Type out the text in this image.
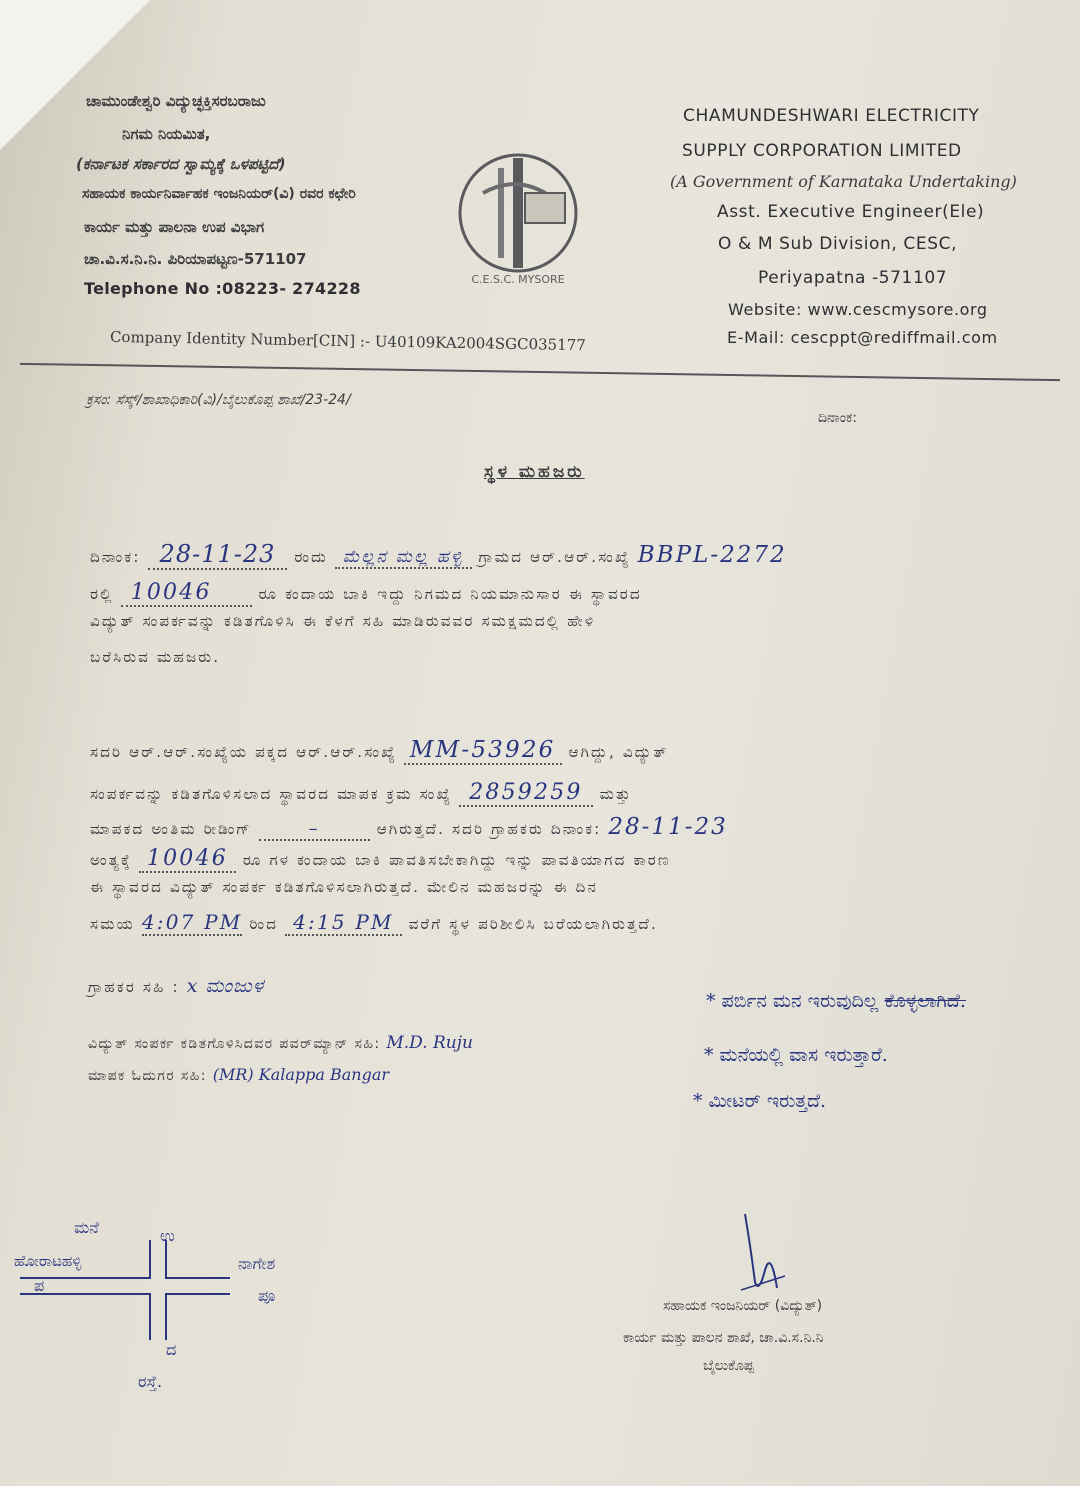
ಚಾಮುಂಡೇಶ್ವರಿ ವಿದ್ಯುಚ್ಛಕ್ತಿಸರಬರಾಜು
ನಿಗಮ ನಿಯಮಿತ,
(ಕರ್ನಾಟಕ ಸರ್ಕಾರದ ಸ್ವಾಮ್ಯಕ್ಕೆ ಒಳಪಟ್ಟಿದೆ)
ಸಹಾಯಕ ಕಾರ್ಯನಿರ್ವಾಹಕ ಇಂಜನಿಯರ್(ವಿ) ರವರ ಕಛೇರಿ
ಕಾರ್ಯ ಮತ್ತು ಪಾಲನಾ ಉಪ ವಿಭಾಗ
ಚಾ.ವಿ.ಸ.ನಿ.ನಿ. ಪಿರಿಯಾಪಟ್ಟಣ-571107
Telephone No :08223- 274228	C.E.S.C. MYSORE
CHAMUNDESHWARI ELECTRICITY
SUPPLY CORPORATION LIMITED
(A Government of Karnataka Undertaking)
Asst. Executive Engineer(Ele)
O & M Sub Division, CESC,
Periyapatna -571107
Website: www.cescmysore.org
E-Mail: cescppt@rediffmail.com
Company Identity Number[CIN] :- U40109KA2004SGC035177
ಕ್ರಸಂ: ಸೆಸ್ಕ್/ಶಾಖಾಧಿಕಾರಿ(ವಿ)/ಬೈಲುಕೊಪ್ಪ ಶಾಖೆ/23-24/
ದಿನಾಂಕ:
ಸ್ಥಳ ಮಹಜರು
ದಿನಾಂಕ: 28-11-23 ರಂದು ಮೆಲ್ಲನ ಮಲ್ಲ ಹಳ್ಳಿ ಗ್ರಾಮದ ಆರ್.ಆರ್.ಸಂಖ್ಯೆ BBPL-2272
ರಲ್ಲಿ 10046	ರೂ ಕಂದಾಯ ಬಾಕಿ ಇದ್ದು ನಿಗಮದ ನಿಯಮಾನುಸಾರ ಈ ಸ್ಥಾವರದ
ವಿದ್ಯುತ್ ಸಂಪರ್ಕವನ್ನು ಕಡಿತಗೊಳಿಸಿ ಈ ಕೆಳಗೆ ಸಹಿ ಮಾಡಿರುವವರ ಸಮಕ್ಷಮದಲ್ಲಿ ಹೇಳಿ
ಬರೆಸಿರುವ ಮಹಜರು.
ಸದರಿ ಆರ್.ಆರ್.ಸಂಖ್ಯೆಯ ಪಕ್ಕದ ಆರ್.ಆರ್.ಸಂಖ್ಯೆ MM-53926 ಆಗಿದ್ದು, ವಿದ್ಯುತ್
ಸಂಪರ್ಕವನ್ನು ಕಡಿತಗೊಳಿಸಲಾದ ಸ್ಥಾವರದ ಮಾಪಕ ಕ್ರಮ ಸಂಖ್ಯೆ 2859259 ಮತ್ತು
ಮಾಪಕದ ಅಂತಿಮ ರೀಡಿಂಗ್	–	ಆಗಿರುತ್ತದೆ. ಸದರಿ ಗ್ರಾಹಕರು ದಿನಾಂಕ: 28-11-23
ಅಂತ್ಯಕ್ಕೆ 10046 ರೂ ಗಳ ಕಂದಾಯ ಬಾಕಿ ಪಾವತಿಸಬೇಕಾಗಿದ್ದು ಇನ್ನು ಪಾವತಿಯಾಗದ ಕಾರಣ
ಈ ಸ್ಥಾವರದ ವಿದ್ಯುತ್ ಸಂಪರ್ಕ ಕಡಿತಗೊಳಿಸಲಾಗಿರುತ್ತದೆ. ಮೇಲಿನ ಮಹಜರನ್ನು ಈ ದಿನ
ಸಮಯ 4:07 PM ರಿಂದ 4:15 PM ವರೆಗೆ ಸ್ಥಳ ಪರಿಶೀಲಿಸಿ ಬರೆಯಲಾಗಿರುತ್ತದೆ.
ಗ್ರಾಹಕರ ಸಹಿ : x ಮಂಜುಳ
ವಿದ್ಯುತ್ ಸಂಪರ್ಕ ಕಡಿತಗೊಳಿಸಿದವರ ಪವರ್‌ಮ್ಯಾನ್ ಸಹಿ: M.D. Ruju
ಮಾಪಕ ಓದುಗರ ಸಹಿ: (MR) Kalappa Bangar
* ಪರ್ಬಿನ ಮನ ಇರುವುದಿಲ್ಲ ಕೊಳ್ಳಲಾಗಿದೆ.
* ಮನೆಯಲ್ಲಿ ವಾಸ ಇರುತ್ತಾರೆ.
* ಮೀಟರ್ ಇರುತ್ತದೆ.
ಮನೆ	ಉ
ಹೋರಾಟಹಳ್ಳಿ
ಪ
ನಾಗೇಶ
ಪೂ
ದ
ರಸ್ತೆ.
ಸಹಾಯಕ ಇಂಜನಿಯರ್ (ವಿದ್ಯುತ್)
ಕಾರ್ಯ ಮತ್ತು ಪಾಲನ ಶಾಖೆ, ಚಾ.ವಿ.ಸ.ನಿ.ನಿ
ಬೈಲುಕೊಪ್ಪ
